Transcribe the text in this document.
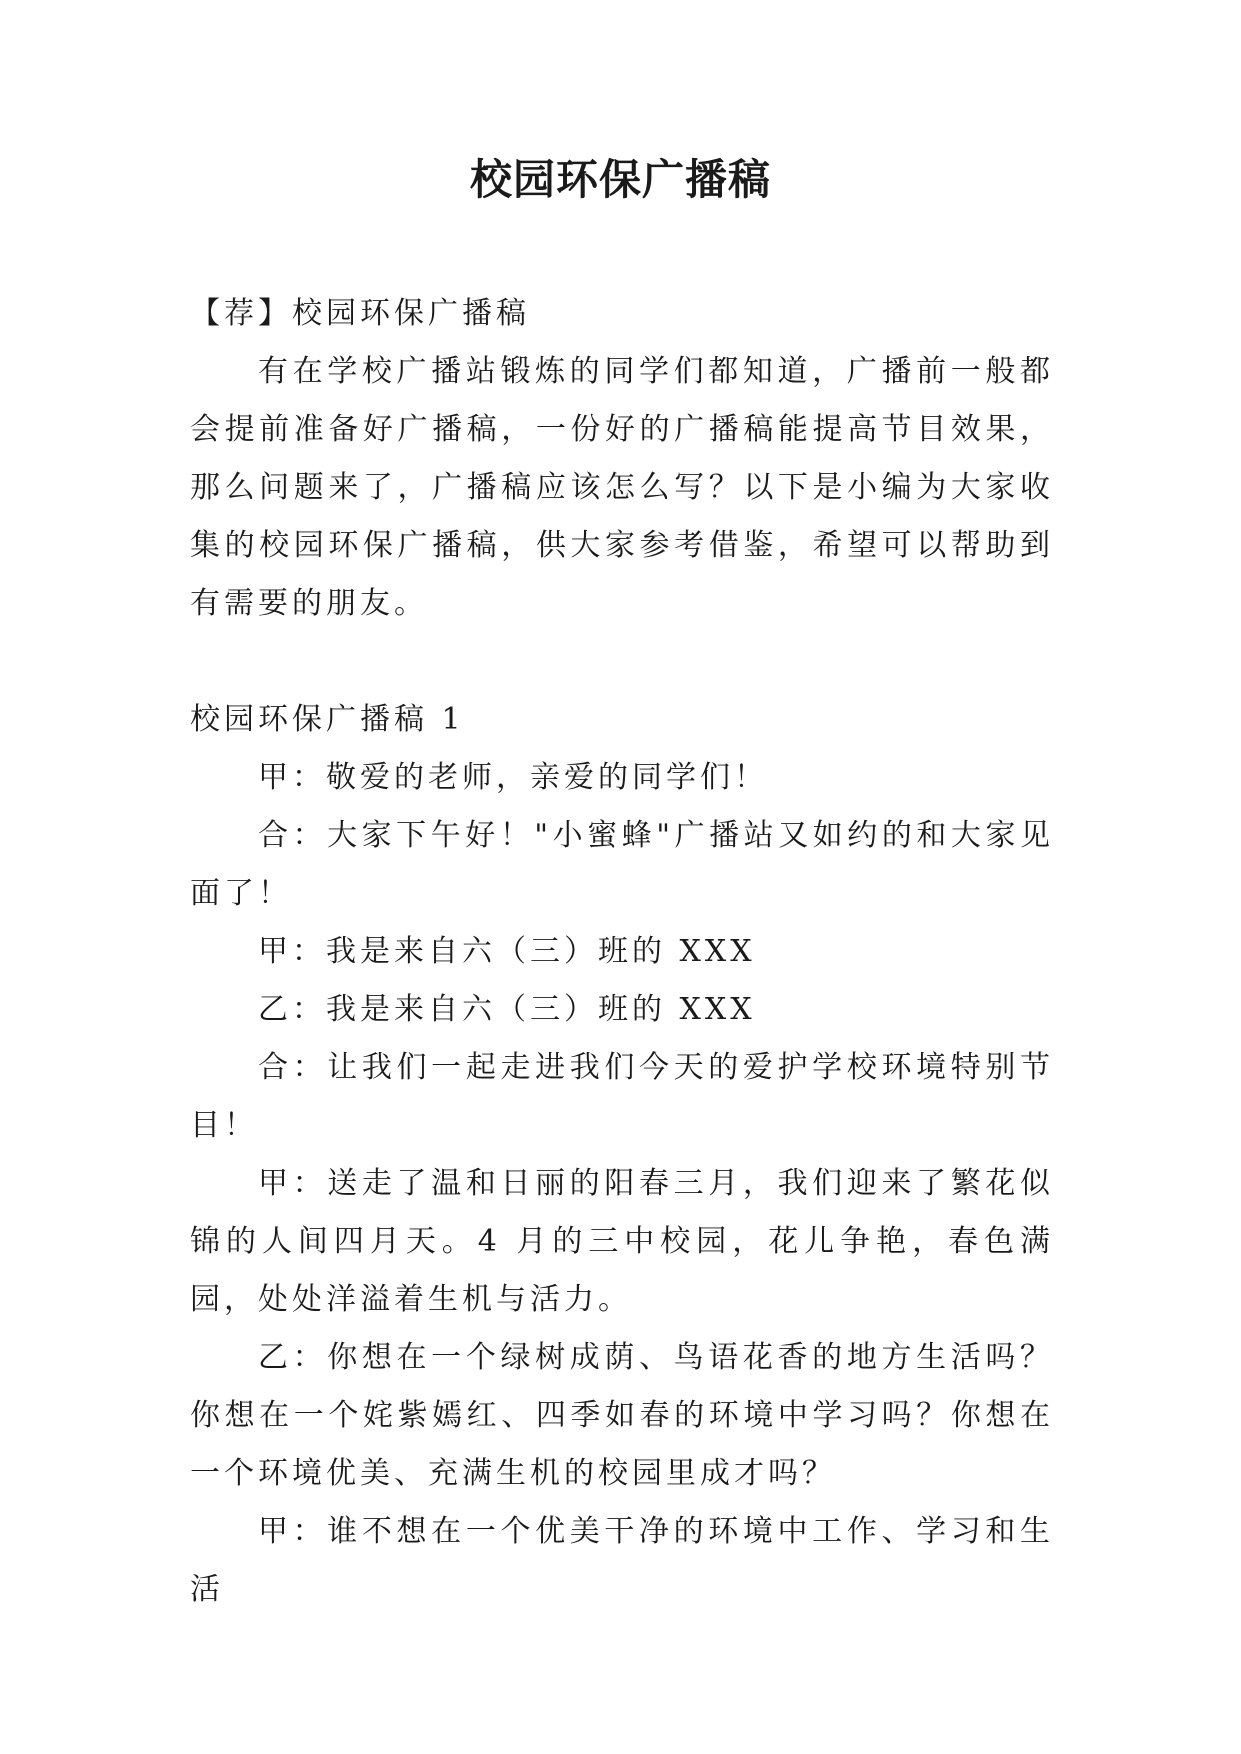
校园环保广播稿

【荐】校园环保广播稿

有在学校广播站锻炼的同学们都知道，广播前一般都会提前准备好广播稿，一份好的广播稿能提高节目效果，那么问题来了，广播稿应该怎么写？以下是小编为大家收集的校园环保广播稿，供大家参考借鉴，希望可以帮助到有需要的朋友。

校园环保广播稿 1

甲：敬爱的老师，亲爱的同学们！

合：大家下午好！"小蜜蜂"广播站又如约的和大家见面了！

甲：我是来自六（三）班的 XXX

乙：我是来自六（三）班的 XXX

合：让我们一起走进我们今天的爱护学校环境特别节目！

甲：送走了温和日丽的阳春三月，我们迎来了繁花似锦的人间四月天。4 月的三中校园，花儿争艳，春色满园，处处洋溢着生机与活力。

乙：你想在一个绿树成荫、鸟语花香的地方生活吗？你想在一个姹紫嫣红、四季如春的环境中学习吗？你想在一个环境优美、充满生机的校园里成才吗？

甲：谁不想在一个优美干净的环境中工作、学习和生活
